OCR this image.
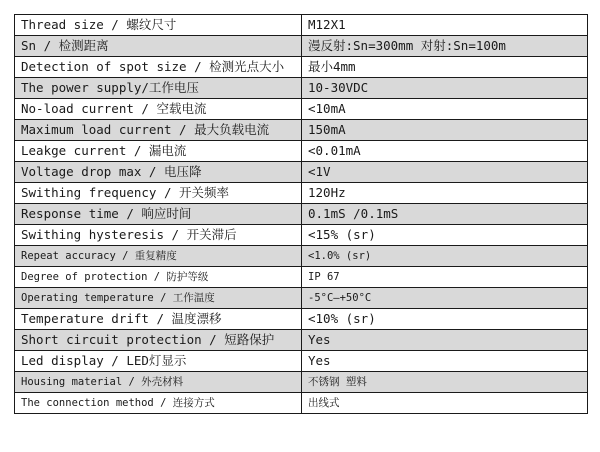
Thread size / 螺纹尺寸	M12X1
Sn / 检测距离	漫反射:Sn=300mm 对射:Sn=100m
Detection of spot size / 检测光点大小	最小4mm
The power supply/工作电压	10-30VDC
No-load current / 空载电流	<10mA
Maximum load current / 最大负载电流	150mA
Leakge current / 漏电流	<0.01mA
Voltage drop max / 电压降	<1V
Swithing frequency / 开关频率	120Hz
Response time / 响应时间	0.1mS /0.1mS
Swithing hysteresis / 开关滞后	<15% (sr)
Repeat accuracy / 重复精度	<1.0% (sr)
Degree of protection / 防护等级	IP 67
Operating temperature / 工作温度	-5°C—+50°C
Temperature drift / 温度漂移	<10% (sr)
Short circuit protection / 短路保护	Yes
Led display / LED灯显示	Yes
Housing material / 外壳材料	不锈钢 塑料
The connection method / 连接方式	出线式
